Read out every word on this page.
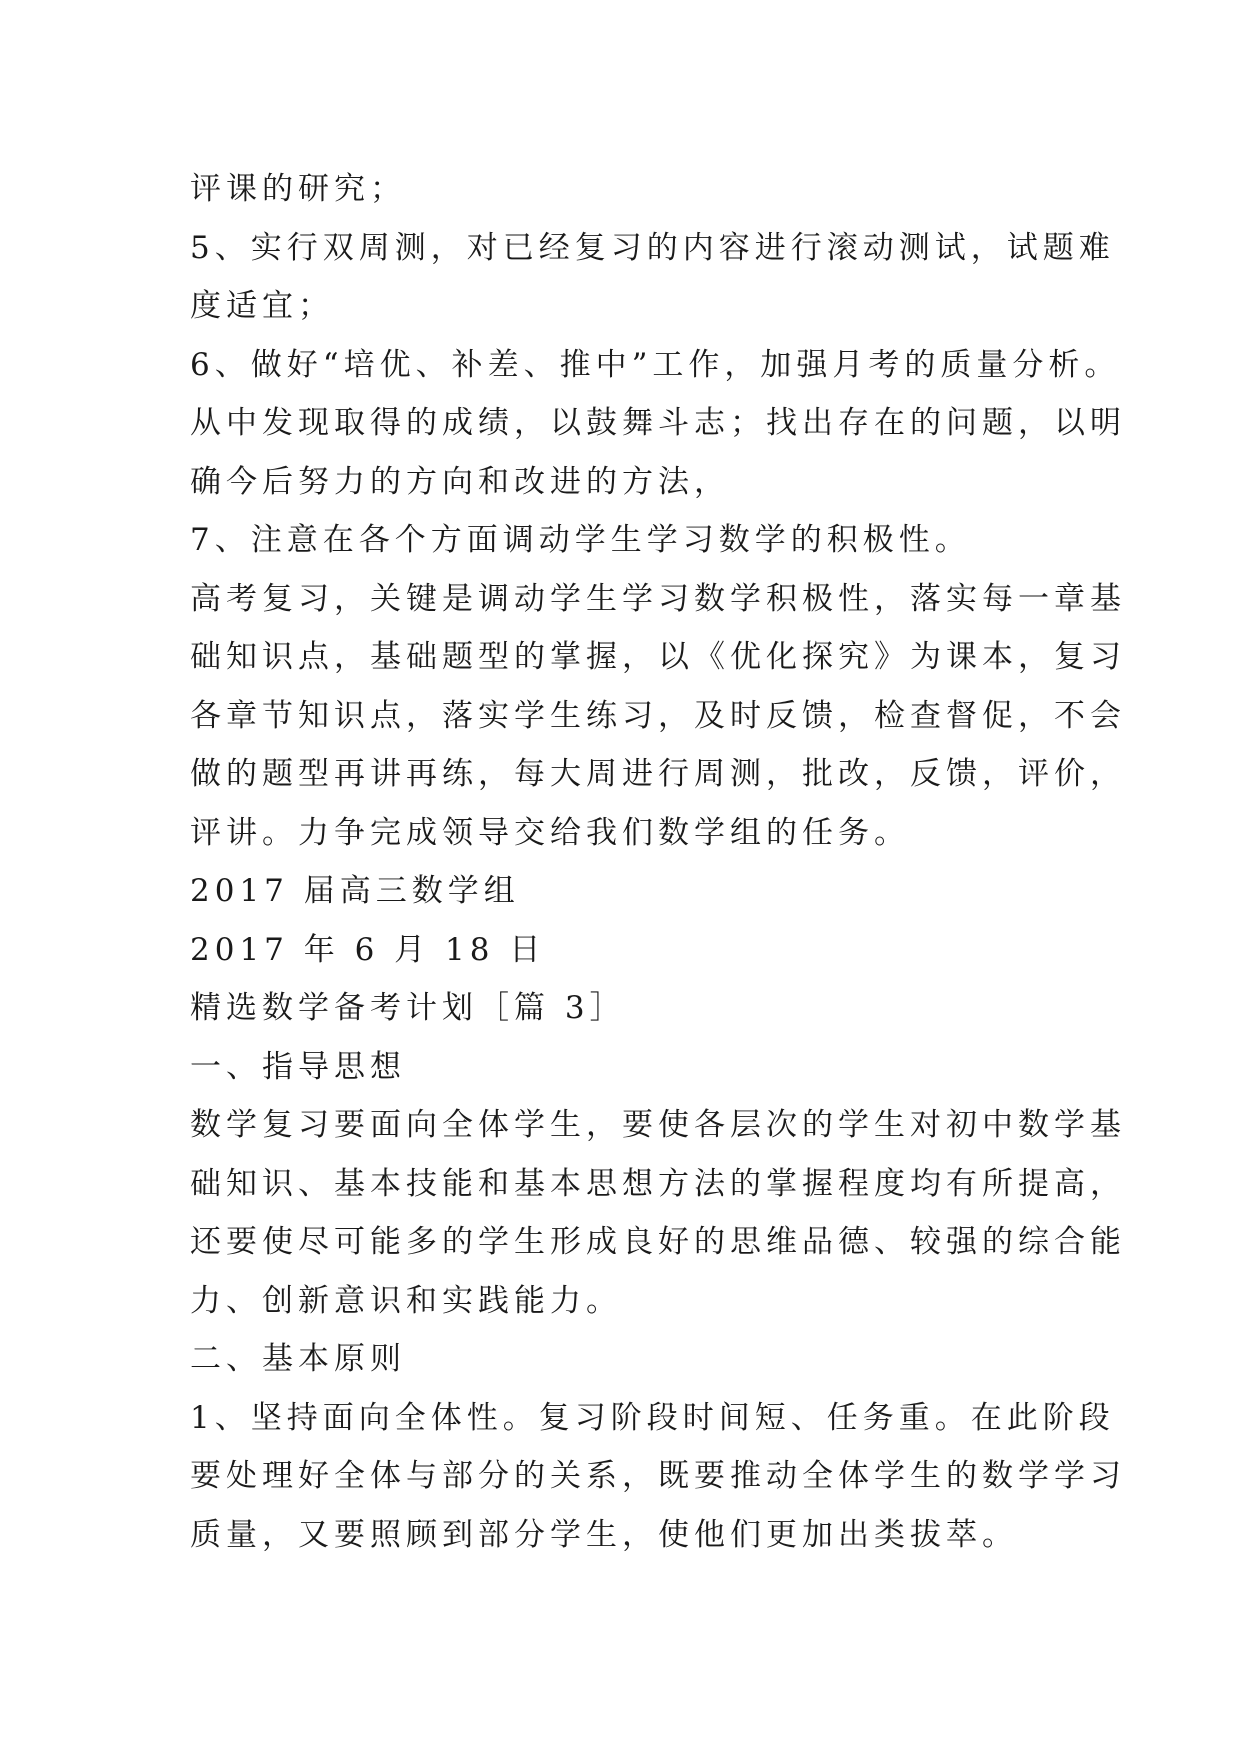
评课的研究；
5、实行双周测，对已经复习的内容进行滚动测试，试题难
度适宜；
6、做好“培优、补差、推中”工作，加强月考的质量分析。
从中发现取得的成绩，以鼓舞斗志；找出存在的问题，以明
确今后努力的方向和改进的方法，
7、注意在各个方面调动学生学习数学的积极性。
高考复习，关键是调动学生学习数学积极性，落实每一章基
础知识点，基础题型的掌握，以《优化探究》为课本，复习
各章节知识点，落实学生练习，及时反馈，检查督促，不会
做的题型再讲再练，每大周进行周测，批改，反馈，评价，
评讲。力争完成领导交给我们数学组的任务。
2017 届高三数学组
2017 年 6 月 18 日
精选数学备考计划［篇 3］
一、指导思想
数学复习要面向全体学生，要使各层次的学生对初中数学基
础知识、基本技能和基本思想方法的掌握程度均有所提高，
还要使尽可能多的学生形成良好的思维品德、较强的综合能
力、创新意识和实践能力。
二、基本原则
1、坚持面向全体性。复习阶段时间短、任务重。在此阶段
要处理好全体与部分的关系，既要推动全体学生的数学学习
质量，又要照顾到部分学生，使他们更加出类拔萃。
